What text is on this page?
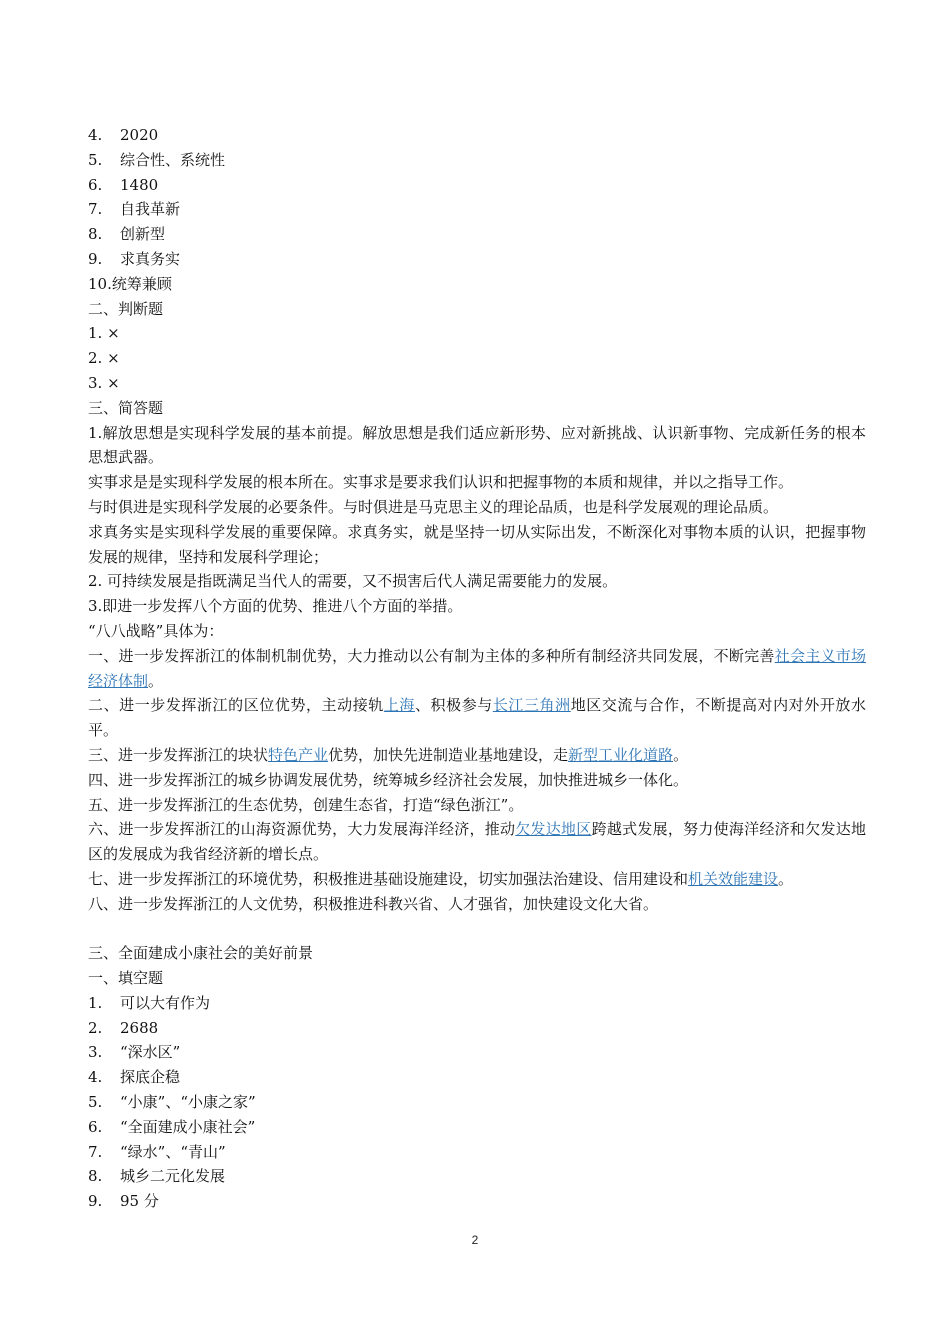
4. 2020
5. 综合性、系统性
6. 1480
7. 自我革新
8. 创新型
9. 求真务实
10.统筹兼顾
二、判断题
1. ×
2. ×
3. ×
三、简答题
1.解放思想是实现科学发展的基本前提。解放思想是我们适应新形势、应对新挑战、认识新事物、完成新任务的根本思想武器。
实事求是是实现科学发展的根本所在。实事求是要求我们认识和把握事物的本质和规律，并以之指导工作。
与时俱进是实现科学发展的必要条件。与时俱进是马克思主义的理论品质，也是科学发展观的理论品质。
求真务实是实现科学发展的重要保障。求真务实，就是坚持一切从实际出发，不断深化对事物本质的认识，把握事物发展的规律，坚持和发展科学理论；
2. 可持续发展是指既满足当代人的需要，又不损害后代人满足需要能力的发展。
3.即进一步发挥八个方面的优势、推进八个方面的举措。
“八八战略”具体为：
一、进一步发挥浙江的体制机制优势，大力推动以公有制为主体的多种所有制经济共同发展，不断完善社会主义市场经济体制。
二、进一步发挥浙江的区位优势，主动接轨上海、积极参与长江三角洲地区交流与合作，不断提高对内对外开放水平。
三、进一步发挥浙江的块状特色产业优势，加快先进制造业基地建设，走新型工业化道路。
四、进一步发挥浙江的城乡协调发展优势，统筹城乡经济社会发展，加快推进城乡一体化。
五、进一步发挥浙江的生态优势，创建生态省，打造“绿色浙江”。
六、进一步发挥浙江的山海资源优势，大力发展海洋经济，推动欠发达地区跨越式发展，努力使海洋经济和欠发达地区的发展成为我省经济新的增长点。
七、进一步发挥浙江的环境优势，积极推进基础设施建设，切实加强法治建设、信用建设和机关效能建设。
八、进一步发挥浙江的人文优势，积极推进科教兴省、人才强省，加快建设文化大省。
三、全面建成小康社会的美好前景
一、填空题
1. 可以大有作为
2. 2688
3. “深水区”
4. 探底企稳
5. “小康”、“小康之家”
6. “全面建成小康社会”
7. “绿水”、“青山”
8. 城乡二元化发展
9. 95 分
2
